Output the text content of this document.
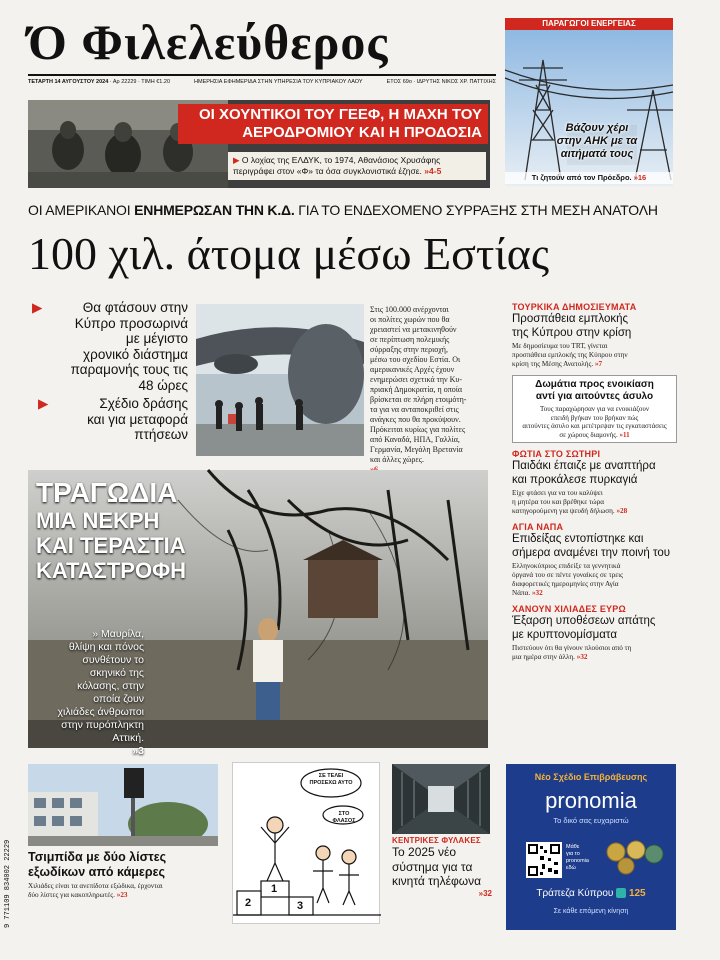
Ό Φιλελεύθερος
ΤΕΤΑΡΤΗ 14 ΑΥΓΟΥΣΤΟΥ 2024 · Αρ 22229 · ΤΙΜΗ €1.20	ΗΜΕΡΗΣΙΑ ΕΦΗΜΕΡΙΔΑ ΣΤΗΝ ΥΠΗΡΕΣΙΑ ΤΟΥ ΚΥΠΡΙΑΚΟΥ ΛΑΟΥ	ΕΤΟΣ 69ο · ΙΔΡΥΤΗΣ ΝΙΚΟΣ ΧΡ. ΠΑΤΤΙΧΗΣ
ΠΑΡΑΓΩΓΟΙ ΕΝΕΡΓΕΙΑΣ
Βάζουν χέρι
στην ΑΗΚ με τα
αιτήματά τους
Τι ζητούν από τον Πρόεδρο. »16
ΟΙ ΧΟΥΝΤΙΚΟΙ ΤΟΥ ΓΕΕΦ, Η ΜΑΧΗ ΤΟΥ
ΑΕΡΟΔΡΟΜΙΟΥ ΚΑΙ Η ΠΡΟΔΟΣΙΑ
▶ Ο λοχίας της ΕΛΔΥΚ, το 1974, Αθανάσιος Χρυσάφης
περιγράφει στον «Φ» τα όσα συγκλονιστικά έζησε. »4-5
ΟΙ ΑΜΕΡΙΚΑΝΟΙ ΕΝΗΜΕΡΩΣΑΝ ΤΗΝ Κ.Δ. ΓΙΑ ΤΟ ΕΝΔΕΧΟΜΕΝΟ ΣΥΡΡΑΞΗΣ ΣΤΗ ΜΕΣΗ ΑΝΑΤΟΛΗ
100 χιλ. άτομα μέσω Εστίας
▶	Θα φτάσουν στην
Κύπρο προσωρινά
με μέγιστο
χρονικό διάστημα
παραμονής τους τις
48 ώρες
▶	Σχέδιο δράσης
και για μεταφορά
πτήσεων
Στις 100.000 ανέρχονται
οι πολίτες χωρών που θα
χρειαστεί να μετακινηθούν
σε περίπτωση πολεμικής
σύρραξης στην περιοχή,
μέσω του σχεδίου Εστία. Οι
αμερικανικές Αρχές έχουν
ενημερώσει σχετικά την Κυ-
πριακή Δημοκρατία, η οποία
βρίσκεται σε πλήρη ετοιμότη-
τα για να ανταποκριθεί στις
ανάγκες που θα προκύψουν.
Πρόκειται κυρίως για πολίτες
από Καναδά, ΗΠΑ, Γαλλία,
Γερμανία, Μεγάλη Βρετανία
και άλλες χώρες.
ΤΡΑΓΩΔΙΑ
ΜΙΑ ΝΕΚΡΗ
ΚΑΙ ΤΕΡΑΣΤΙΑ
ΚΑΤΑΣΤΡΟΦΗ
» Μαυρίλα,
θλίψη και πόνος
συνθέτουν το
σκηνικό της
κόλασης, στην
οποία ζουν
χιλιάδες άνθρωποι
στην πυρόπληκτη
Αττική.
»3
ΤΟΥΡΚΙΚΑ ΔΗΜΟΣΙΕΥΜΑΤΑ
Προσπάθεια εμπλοκής
της Κύπρου στην κρίση
Με δημοσίευμα του TRT, γίνεται
προσπάθεια εμπλοκής της Κύπρου στην
κρίση της Μέσης Ανατολής. »7
Δωμάτια προς ενοικίαση
αντί για αιτούντες άσυλο
Τους παραχώρησαν για να ενοικιάζουν
επειδή βγήκαν του βρήκαν πώς
αιτούντες άσυλο και μετέτρεψαν τις εγκαταστάσεις
σε χώρους διαμονής. »11
ΦΩΤΙΑ ΣΤΟ ΣΩΤΗΡΙ
Παιδάκι έπαιζε με αναπτήρα
και προκάλεσε πυρκαγιά
Είχε φτάσει για να του καλύψει
η μητέρα του και βρέθηκε τώρα
κατηγορούμενη για ψευδή δήλωση. »28
ΑΓΙΑ ΝΑΠΑ
Επιδείξας εντοπίστηκε και
σήμερα αναμένει την ποινή του
Ελληνοκύπριος επιδείξε τα γεννητικά
όργανά του σε πέντε γυναίκες σε τρεις
διαφορετικές ημερομηνίες στην Αγία
Νάπα. »32
ΧΑΝΟΥΝ ΧΙΛΙΑΔΕΣ ΕΥΡΩ
Έξαρση υποθέσεων απάτης
με κρυπτονομίσματα
Πιστεύουν ότι θα γίνουν πλούσιοι από τη
μια ημέρα στην άλλη. »32
Τσιμπίδα με δύο λίστες
εξωδίκων από κάμερες
Χιλιάδες είναι τα ανεπίδοτα εξώδικα, έρχονται
δύο λίστες για κακοπληρωτές. »23
ΣΕ ΤΕΛΕΙ ΠΡΟΣΕΧΩ ΑΥΤΟ
ΣΤΟ ΦΛΑΣΟΣ
1
2	3
ΚΕΝΤΡΙΚΕΣ ΦΥΛΑΚΕΣ
Το 2025 νέο
σύστημα για τα
κινητά τηλέφωνα
»32
Νέο Σχέδιο Επιβράβευσης
pronomia
Το δικό σας ευχαριστώ
Μάθε
για το
pronomia
εδώ
Τράπεζα Κύπρου 125
Σε κάθε επόμενη κίνηση
9 771109 834002 22229
